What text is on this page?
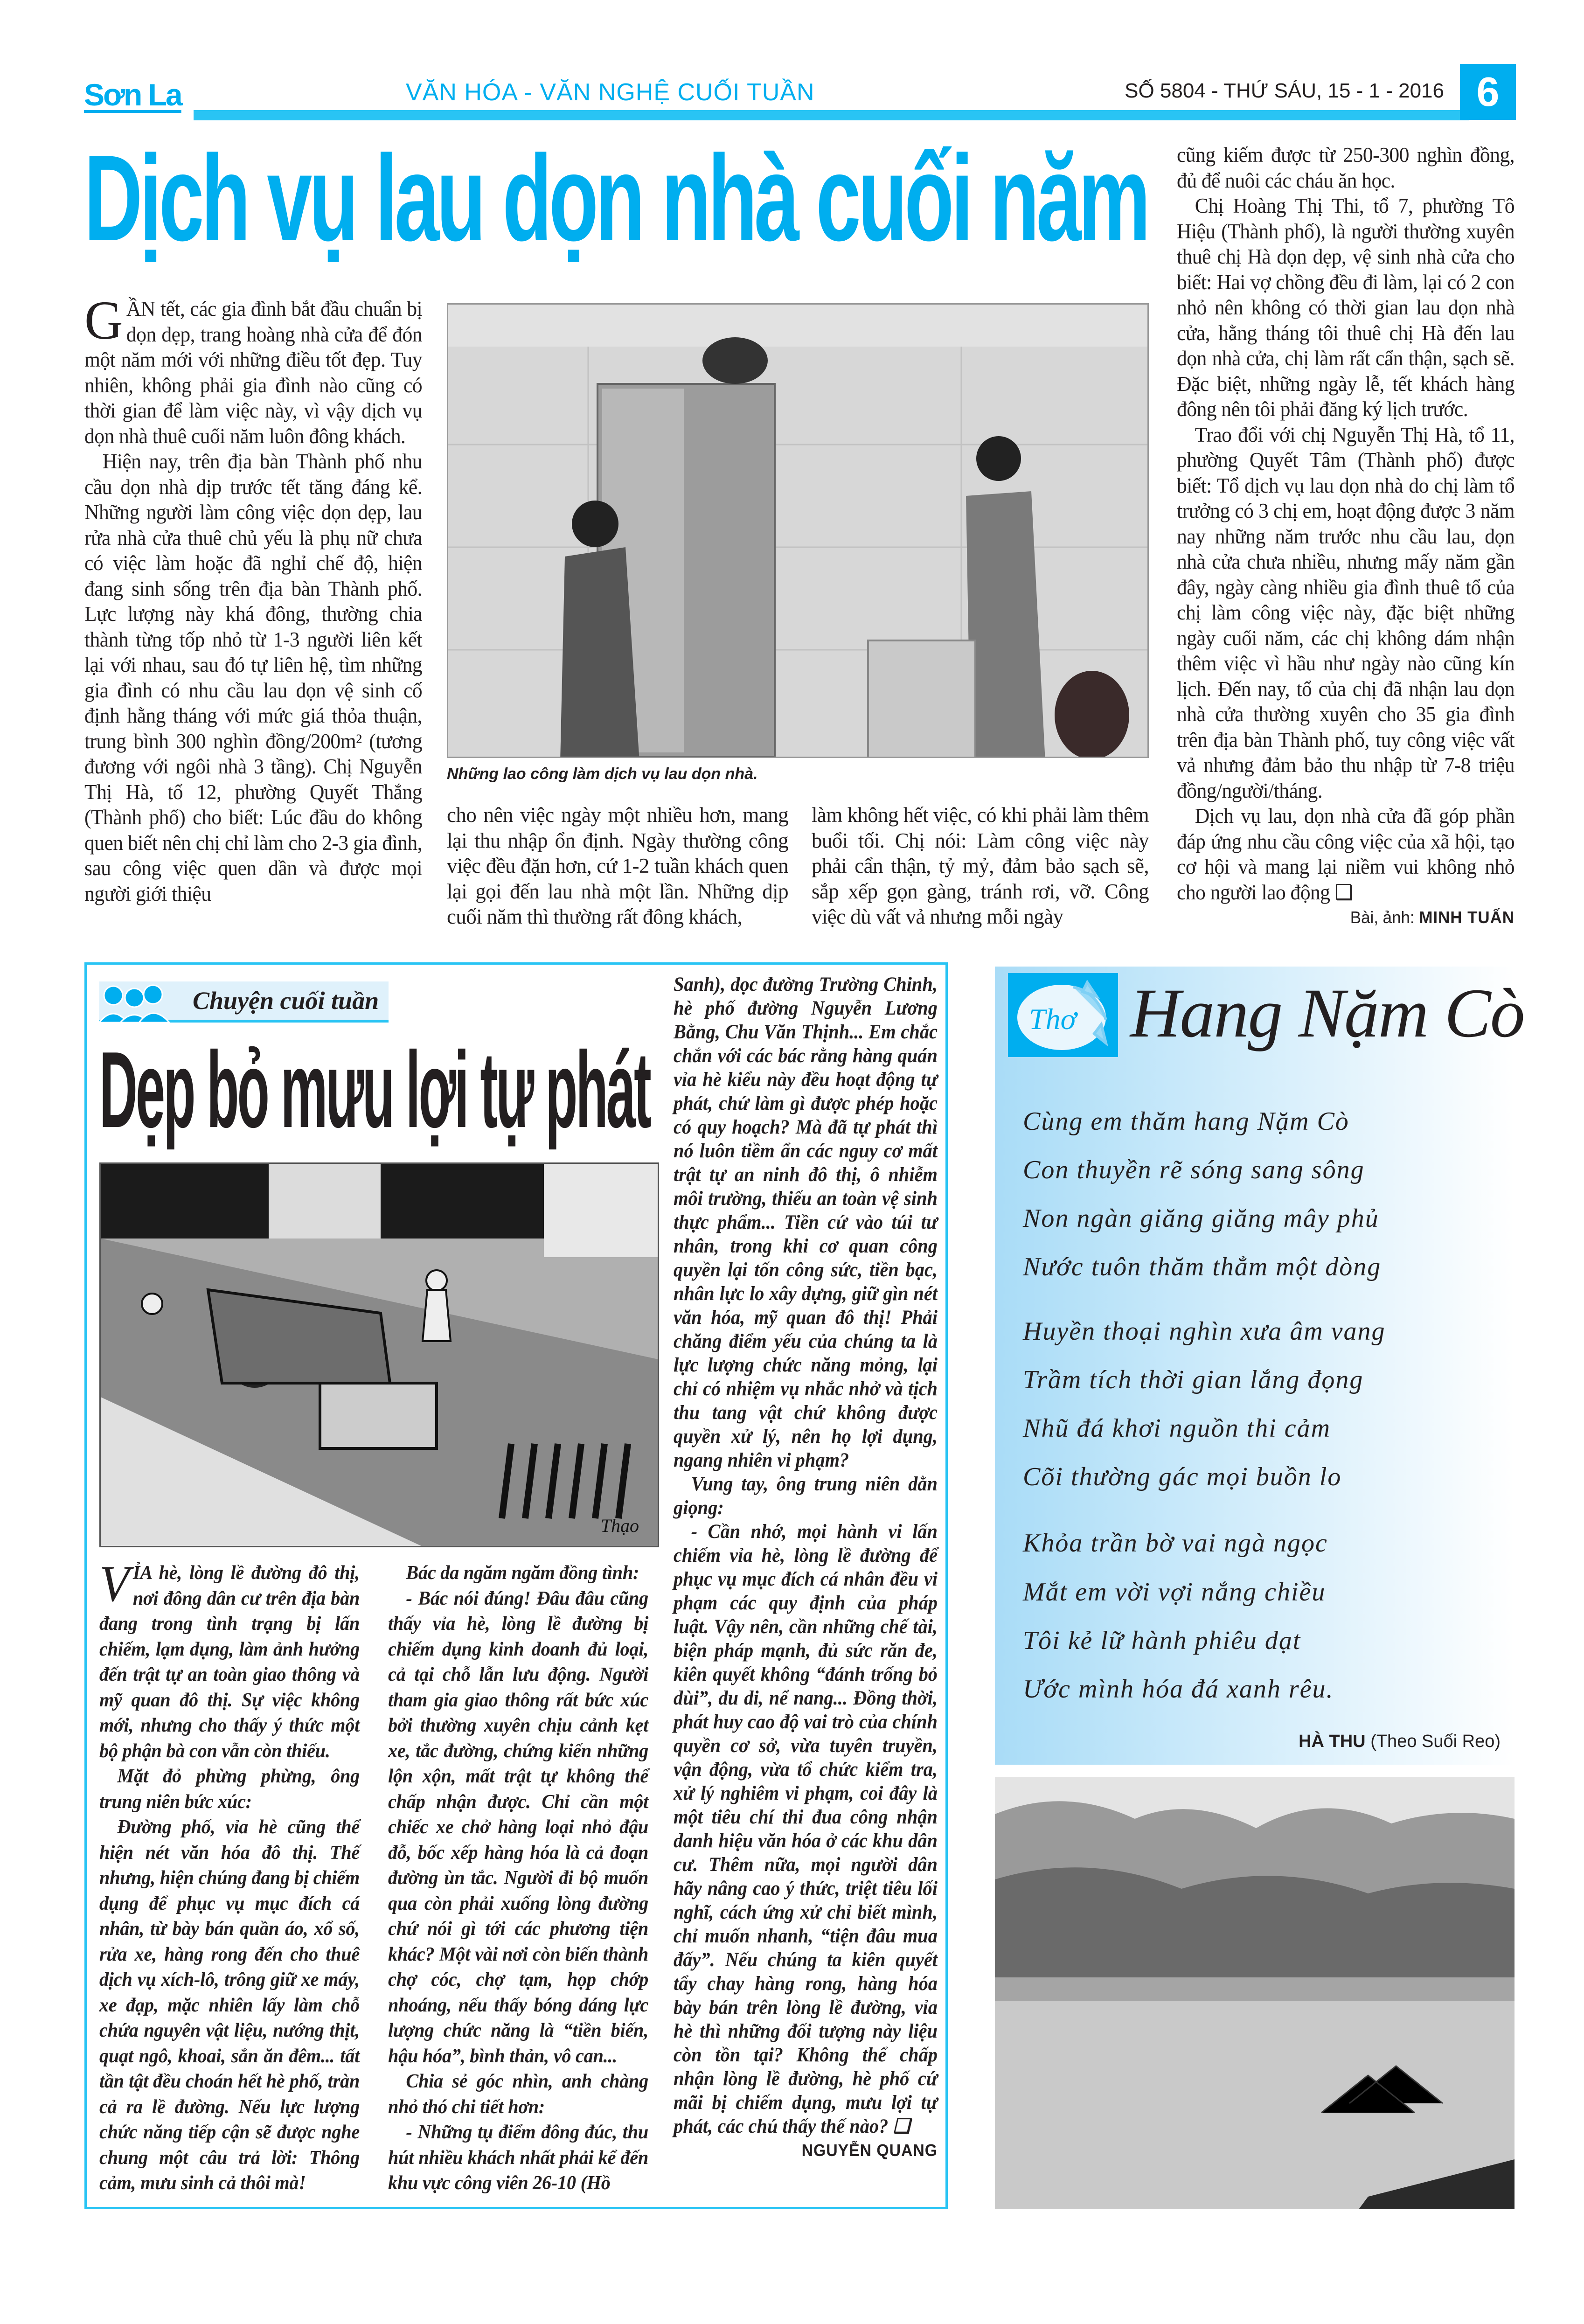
Sơn La	VĂN HÓA - VĂN NGHỆ CUỐI TUẦN	SỐ 5804 - THỨ SÁU, 15 - 1 - 2016 6
Dịch vụ lau dọn nhà cuối năm

GẦN tết, các gia đình bắt đầu chuẩn bị dọn dẹp, trang hoàng nhà cửa để đón một năm mới với những điều tốt đẹp. Tuy nhiên, không phải gia đình nào cũng có thời gian để làm việc này, vì vậy dịch vụ dọn nhà thuê cuối năm luôn đông khách.

Hiện nay, trên địa bàn Thành phố nhu cầu dọn nhà dịp trước tết tăng đáng kể. Những người làm công việc dọn dẹp, lau rửa nhà cửa thuê chủ yếu là phụ nữ chưa có việc làm hoặc đã nghỉ chế độ, hiện đang sinh sống trên địa bàn Thành phố. Lực lượng này khá đông, thường chia thành từng tốp nhỏ từ 1-3 người liên kết lại với nhau, sau đó tự liên hệ, tìm những gia đình có nhu cầu lau dọn vệ sinh cố định hằng tháng với mức giá thỏa thuận, trung bình 300 nghìn đồng/200m² (tương đương với ngôi nhà 3 tầng). Chị Nguyễn Thị Hà, tổ 12, phường Quyết Thắng (Thành phố) cho biết: Lúc đầu do không quen biết nên chị chỉ làm cho 2-3 gia đình, sau công việc quen dần và được mọi người giới thiệu

Những lao công làm dịch vụ lau dọn nhà.

cho nên việc ngày một nhiều hơn, mang lại thu nhập ổn định. Ngày thường công việc đều đặn hơn, cứ 1-2 tuần khách quen lại gọi đến lau nhà một lần. Những dịp cuối năm thì thường rất đông khách,

làm không hết việc, có khi phải làm thêm buổi tối. Chị nói: Làm công việc này phải cẩn thận, tỷ mỷ, đảm bảo sạch sẽ, sắp xếp gọn gàng, tránh rơi, vỡ. Công việc dù vất vả nhưng mỗi ngày

cũng kiếm được từ 250-300 nghìn đồng, đủ để nuôi các cháu ăn học.

Chị Hoàng Thị Thi, tổ 7, phường Tô Hiệu (Thành phố), là người thường xuyên thuê chị Hà dọn dẹp, vệ sinh nhà cửa cho biết: Hai vợ chồng đều đi làm, lại có 2 con nhỏ nên không có thời gian lau dọn nhà cửa, hằng tháng tôi thuê chị Hà đến lau dọn nhà cửa, chị làm rất cẩn thận, sạch sẽ. Đặc biệt, những ngày lễ, tết khách hàng đông nên tôi phải đăng ký lịch trước.

Trao đổi với chị Nguyễn Thị Hà, tổ 11, phường Quyết Tâm (Thành phố) được biết: Tổ dịch vụ lau dọn nhà do chị làm tổ trưởng có 3 chị em, hoạt động được 3 năm nay những năm trước nhu cầu lau, dọn nhà cửa chưa nhiều, nhưng mấy năm gần đây, ngày càng nhiều gia đình thuê tổ của chị làm công việc này, đặc biệt những ngày cuối năm, các chị không dám nhận thêm việc vì hầu như ngày nào cũng kín lịch. Đến nay, tổ của chị đã nhận lau dọn nhà cửa thường xuyên cho 35 gia đình trên địa bàn Thành phố, tuy công việc vất vả nhưng đảm bảo thu nhập từ 7-8 triệu đồng/người/tháng.

Dịch vụ lau, dọn nhà cửa đã góp phần đáp ứng nhu cầu công việc của xã hội, tạo cơ hội và mang lại niềm vui không nhỏ cho người lao động ❑

Bài, ảnh: MINH TUẤN

Chuyện cuối tuần
Dẹp bỏ mưu lợi tự phát
Thạo

VỈA hè, lòng lề đường đô thị, nơi đông dân cư trên địa bàn đang trong tình trạng bị lấn chiếm, lạm dụng, làm ảnh hưởng đến trật tự an toàn giao thông và mỹ quan đô thị. Sự việc không mới, nhưng cho thấy ý thức một bộ phận bà con vẫn còn thiếu.

Mặt đỏ phừng phừng, ông trung niên bức xúc:

Đường phố, vỉa hè cũng thể hiện nét văn hóa đô thị. Thế nhưng, hiện chúng đang bị chiếm dụng để phục vụ mục đích cá nhân, từ bày bán quần áo, xổ số, rửa xe, hàng rong đến cho thuê dịch vụ xích-lô, trông giữ xe máy, xe đạp, mặc nhiên lấy làm chỗ chứa nguyên vật liệu, nướng thịt, quạt ngô, khoai, sắn ăn đêm... tất tần tật đều choán hết hè phố, tràn cả ra lề đường. Nếu lực lượng chức năng tiếp cận sẽ được nghe chung một câu trả lời: Thông cảm, mưu sinh cả thôi mà!

Bác da ngăm ngăm đồng tình:

- Bác nói đúng! Đâu đâu cũng thấy vỉa hè, lòng lề đường bị chiếm dụng kinh doanh đủ loại, cả tại chỗ lẫn lưu động. Người tham gia giao thông rất bức xúc bởi thường xuyên chịu cảnh kẹt xe, tắc đường, chứng kiến những lộn xộn, mất trật tự không thể chấp nhận được. Chỉ cần một chiếc xe chở hàng loại nhỏ đậu đỗ, bốc xếp hàng hóa là cả đoạn đường ùn tắc. Người đi bộ muốn qua còn phải xuống lòng đường chứ nói gì tới các phương tiện khác? Một vài nơi còn biến thành chợ cóc, chợ tạm, họp chớp nhoáng, nếu thấy bóng dáng lực lượng chức năng là “tiền biến, hậu hóa”, bình thản, vô can...

Chia sẻ góc nhìn, anh chàng nhỏ thó chi tiết hơn:

- Những tụ điểm đông đúc, thu hút nhiều khách nhất phải kể đến khu vực công viên 26-10 (Hồ

Sanh), dọc đường Trường Chinh, hè phố đường Nguyễn Lương Bằng, Chu Văn Thịnh... Em chắc chắn với các bác rằng hàng quán vỉa hè kiểu này đều hoạt động tự phát, chứ làm gì được phép hoặc có quy hoạch? Mà đã tự phát thì nó luôn tiềm ẩn các nguy cơ mất trật tự an ninh đô thị, ô nhiễm môi trường, thiếu an toàn vệ sinh thực phẩm... Tiền cứ vào túi tư nhân, trong khi cơ quan công quyền lại tốn công sức, tiền bạc, nhân lực lo xây dựng, giữ gìn nét văn hóa, mỹ quan đô thị! Phải chăng điểm yếu của chúng ta là lực lượng chức năng mỏng, lại chỉ có nhiệm vụ nhắc nhở và tịch thu tang vật chứ không được quyền xử lý, nên họ lợi dụng, ngang nhiên vi phạm?

Vung tay, ông trung niên dằn giọng:

- Cần nhớ, mọi hành vi lấn chiếm vỉa hè, lòng lề đường để phục vụ mục đích cá nhân đều vi phạm các quy định của pháp luật. Vậy nên, cần những chế tài, biện pháp mạnh, đủ sức răn đe, kiên quyết không “đánh trống bỏ dùi”, du di, nể nang... Đồng thời, phát huy cao độ vai trò của chính quyền cơ sở, vừa tuyên truyền, vận động, vừa tổ chức kiểm tra, xử lý nghiêm vi phạm, coi đây là một tiêu chí thi đua công nhận danh hiệu văn hóa ở các khu dân cư. Thêm nữa, mọi người dân hãy nâng cao ý thức, triệt tiêu lối nghĩ, cách ứng xử chỉ biết mình, chỉ muốn nhanh, “tiện đâu mua đấy”. Nếu chúng ta kiên quyết tẩy chay hàng rong, hàng hóa bày bán trên lòng lề đường, vỉa hè thì những đối tượng này liệu còn tồn tại? Không thể chấp nhận lòng lề đường, hè phố cứ mãi bị chiếm dụng, mưu lợi tự phát, các chú thấy thế nào? ❑

NGUYỄN QUANG

Thơ Hang Nặm Cò
Cùng em thăm hang Nặm Cò
Con thuyền rẽ sóng sang sông
Non ngàn giăng giăng mây phủ
Nước tuôn thăm thẳm một dòng
Huyền thoại nghìn xưa âm vang
Trầm tích thời gian lắng đọng
Nhũ đá khơi nguồn thi cảm
Cõi thường gác mọi buồn lo
Khỏa trần bờ vai ngà ngọc
Mắt em vời vợi nắng chiều
Tôi kẻ lữ hành phiêu dạt
Ước mình hóa đá xanh rêu.
HÀ THU (Theo Suối Reo)
